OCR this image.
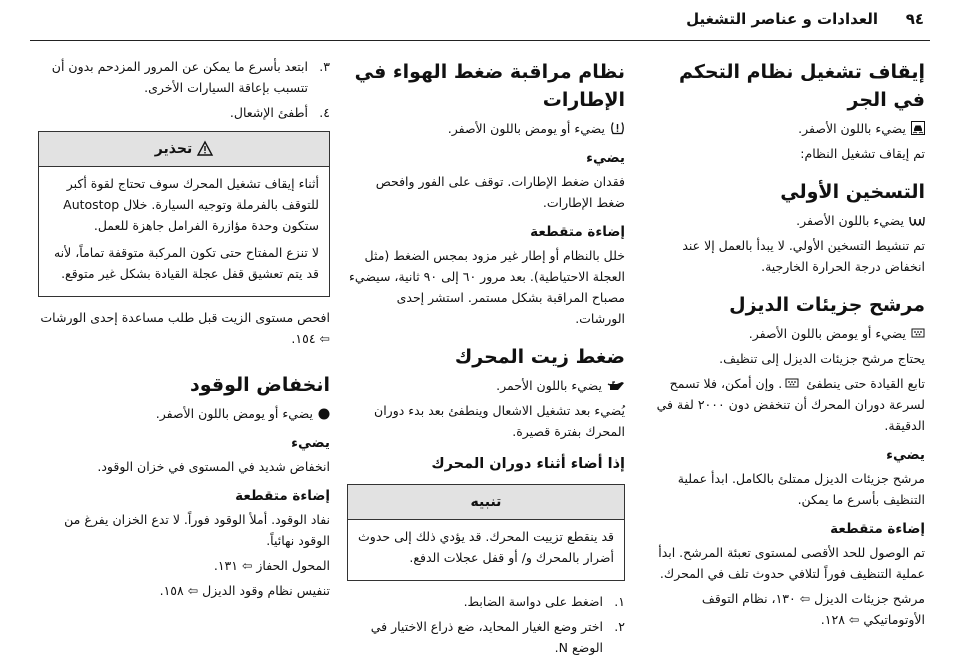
٩٤
العدادات و عناصر التشغيل
إيقاف تشغيل نظام التحكم في الجر
يضيء باللون الأصفر.
تم إيقاف تشغيل النظام:
التسخين الأولي
يضيء باللون الأصفر.
تم تنشيط التسخين الأولي. لا يبدأ بالعمل إلا عند انخفاض درجة الحرارة الخارجية.
مرشح جزيئات الديزل
يضيء أو يومض باللون الأصفر.
يحتاج مرشح جزيئات الديزل إلى تنظيف.
تابع القيادة حتى ينطفئ
. وإن أمكن، فلا تسمح لسرعة دوران المحرك أن تنخفض دون ٢٠٠٠ لفة في الدقيقة.
يضيء
مرشح جزيئات الديزل ممتلئ بالكامل. ابدأ عملية التنظيف بأسرع ما يمكن.
إضاءة متقطعة
تم الوصول للحد الأقصى لمستوى تعبئة المرشح. ابدأ عملية التنظيف فوراً لتلافي حدوث تلف في المحرك.
مرشح جزيئات الديزل ⇦ ١٣٠، نظام التوقف الأوتوماتيكي ⇦ ١٢٨.
نظام مراقبة ضغط الهواء في الإطارات
يضيء أو يومض باللون الأصفر.
يضيء
فقدان ضغط الإطارات. توقف على الفور وافحص ضغط الإطارات.
إضاءة متقطعة
خلل بالنظام أو إطار غير مزود بمجس الضغط (مثل العجلة الاحتياطية). بعد مرور ٦٠ إلى ٩٠ ثانية، سيضيء مصباح المراقبة بشكل مستمر. استشر إحدى الورشات.
ضغط زيت المحرك
يضيء باللون الأحمر.
يُضيء بعد تشغيل الاشعال وينطفئ بعد بدء دوران المحرك بفترة قصيرة.
إذا أضاء أثناء دوران المحرك
تنبيه
قد ينقطع تزييت المحرك. قد يؤدي ذلك إلى حدوث أضرار بالمحرك و/ أو قفل عجلات الدفع.
١.
اضغط على دواسة الضابط.
٢.
اختر وضع الغيار المحايد، ضع ذراع الاختيار في الوضع N.
٣.
ابتعد بأسرع ما يمكن عن المرور المزدحم بدون أن تتسبب بإعاقة السيارات الأخرى.
٤.
أطفئ الإشعال.
تحذير
أثناء إيقاف تشغيل المحرك سوف تحتاج لقوة أكبر للتوقف بالفرملة وتوجيه السيارة. خلال Autostop ستكون وحدة مؤازرة الفرامل جاهزة للعمل.
لا تنزع المفتاح حتى تكون المركبة متوقفة تماماً، لأنه قد يتم تعشيق قفل عجلة القيادة بشكل غير متوقع.
افحص مستوى الزيت قبل طلب مساعدة إحدى الورشات ⇦ ١٥٤.
انخفاض الوقود
يضيء أو يومض باللون الأصفر.
يضيء
انخفاض شديد في المستوى في خزان الوقود.
إضاءة متقطعة
نفاد الوقود. أملأ الوقود فوراً. لا تدع الخزان يفرغ من الوقود نهائياً.
المحول الحفاز ⇦ ١٣١.
تنفيس نظام وقود الديزل ⇦ ١٥٨.
